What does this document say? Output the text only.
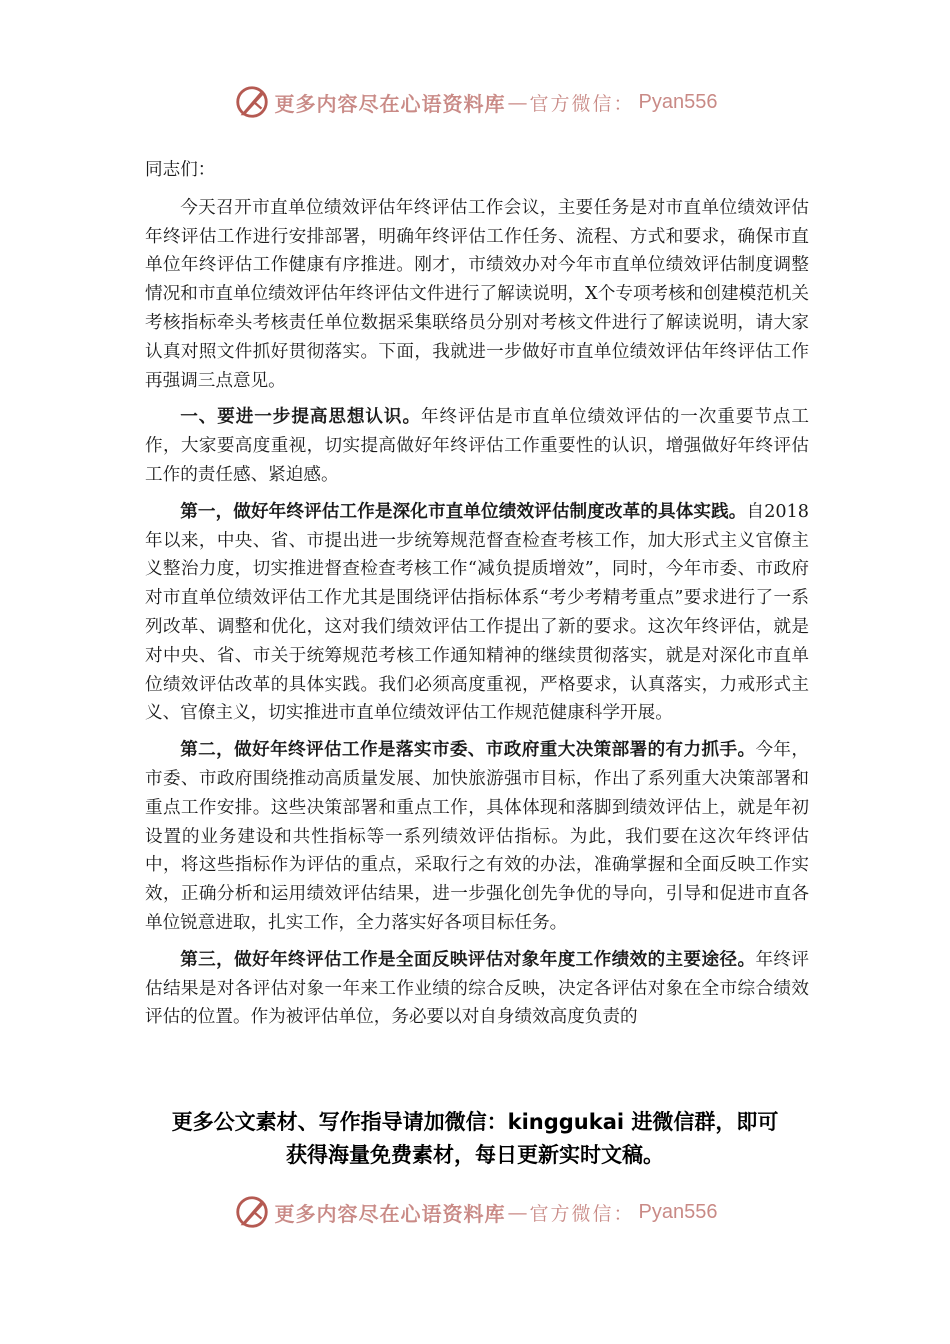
更多内容尽在心语资料库 — 官方微信： Pyan556

同志们：

今天召开市直单位绩效评估年终评估工作会议，主要任务是对市直单位绩效评估年终评估工作进行安排部署，明确年终评估工作任务、流程、方式和要求，确保市直单位年终评估工作健康有序推进。刚才，市绩效办对今年市直单位绩效评估制度调整情况和市直单位绩效评估年终评估文件进行了解读说明，X个专项考核和创建模范机关考核指标牵头考核责任单位数据采集联络员分别对考核文件进行了解读说明，请大家认真对照文件抓好贯彻落实。下面，我就进一步做好市直单位绩效评估年终评估工作再强调三点意见。

一、要进一步提高思想认识。年终评估是市直单位绩效评估的一次重要节点工作，大家要高度重视，切实提高做好年终评估工作重要性的认识，增强做好年终评估工作的责任感、紧迫感。

第一，做好年终评估工作是深化市直单位绩效评估制度改革的具体实践。自2018年以来，中央、省、市提出进一步统筹规范督查检查考核工作，加大形式主义官僚主义整治力度，切实推进督查检查考核工作“减负提质增效”，同时，今年市委、市政府对市直单位绩效评估工作尤其是围绕评估指标体系“考少考精考重点”要求进行了一系列改革、调整和优化，这对我们绩效评估工作提出了新的要求。这次年终评估，就是对中央、省、市关于统筹规范考核工作通知精神的继续贯彻落实，就是对深化市直单位绩效评估改革的具体实践。我们必须高度重视，严格要求，认真落实，力戒形式主义、官僚主义，切实推进市直单位绩效评估工作规范健康科学开展。

第二，做好年终评估工作是落实市委、市政府重大决策部署的有力抓手。今年，市委、市政府围绕推动高质量发展、加快旅游强市目标，作出了系列重大决策部署和重点工作安排。这些决策部署和重点工作，具体体现和落脚到绩效评估上，就是年初设置的业务建设和共性指标等一系列绩效评估指标。为此，我们要在这次年终评估中，将这些指标作为评估的重点，采取行之有效的办法，准确掌握和全面反映工作实效，正确分析和运用绩效评估结果，进一步强化创先争优的导向，引导和促进市直各单位锐意进取，扎实工作，全力落实好各项目标任务。

第三，做好年终评估工作是全面反映评估对象年度工作绩效的主要途径。年终评估结果是对各评估对象一年来工作业绩的综合反映，决定各评估对象在全市综合绩效评估的位置。作为被评估单位，务必要以对自身绩效高度负责的

更多公文素材、写作指导请加微信：kinggukai 进微信群，即可
获得海量免费素材，每日更新实时文稿。
更多内容尽在心语资料库 — 官方微信： Pyan556
